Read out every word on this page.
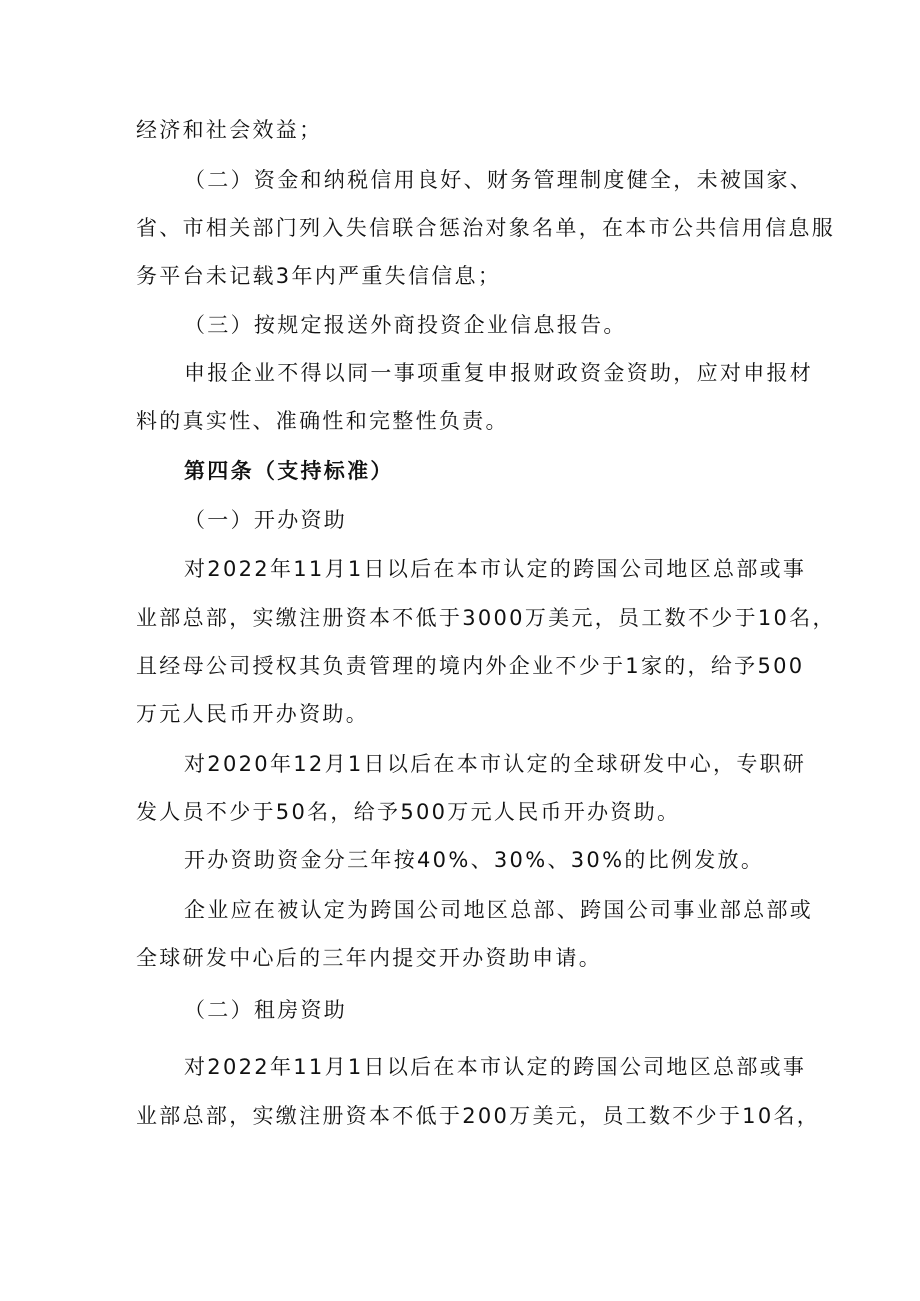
经济和社会效益；
（二）资金和纳税信用良好、财务管理制度健全，未被国家、
省、市相关部门列入失信联合惩治对象名单，在本市公共信用信息服
务平台未记载3年内严重失信信息；
（三）按规定报送外商投资企业信息报告。
申报企业不得以同一事项重复申报财政资金资助，应对申报材
料的真实性、准确性和完整性负责。
第四条（支持标准）
（一）开办资助
对2022年11月1日以后在本市认定的跨国公司地区总部或事
业部总部，实缴注册资本不低于3000万美元，员工数不少于10名，
且经母公司授权其负责管理的境内外企业不少于1家的，给予500
万元人民币开办资助。
对2020年12月1日以后在本市认定的全球研发中心，专职研
发人员不少于50名，给予500万元人民币开办资助。
开办资助资金分三年按40%、30%、30%的比例发放。
企业应在被认定为跨国公司地区总部、跨国公司事业部总部或
全球研发中心后的三年内提交开办资助申请。
（二）租房资助
对2022年11月1日以后在本市认定的跨国公司地区总部或事
业部总部，实缴注册资本不低于200万美元，员工数不少于10名，
